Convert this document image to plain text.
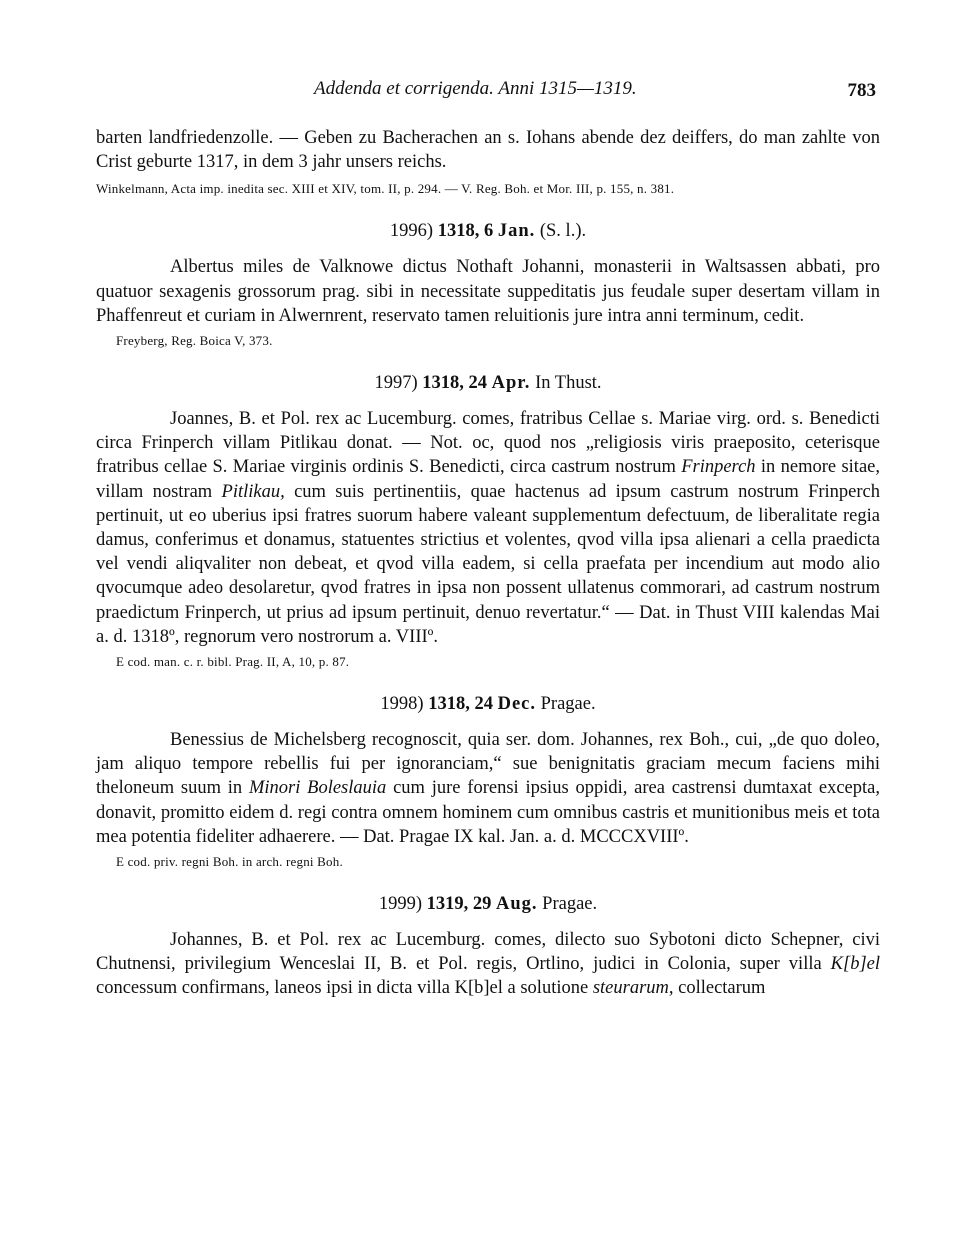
Addenda et corrigenda. Anni 1315—1319.	783

barten landfriedenzolle. — Geben zu Bacherachen an s. Iohans abende dez deiffers, do man zahlte von Crist geburte 1317, in dem 3 jahr unsers reichs.

Winkelmann, Acta imp. inedita sec. XIII et XIV, tom. II, p. 294. — V. Reg. Boh. et Mor. III, p. 155, n. 381.

1996) 1318, 6 Jan. (S. l.).

Albertus miles de Valknowe dictus Nothaft Johanni, monasterii in Waltsassen abbati, pro quatuor sexagenis grossorum prag. sibi in necessitate suppeditatis jus feudale super desertam villam in Phaffenreut et curiam in Alwernrent, reservato tamen reluitionis jure intra anni terminum, cedit.

Freyberg, Reg. Boica V, 373.

1997) 1318, 24 Apr. In Thust.

Joannes, B. et Pol. rex ac Lucemburg. comes, fratribus Cellae s. Mariae virg. ord. s. Benedicti circa Frinperch villam Pitlikau donat. — Not. oc, quod nos „religiosis viris praeposito, ceterisque fratribus cellae S. Mariae virginis ordinis S. Benedicti, circa castrum nostrum Frinperch in nemore sitae, villam nostram Pitlikau, cum suis pertinentiis, quae hactenus ad ipsum castrum nostrum Frinperch pertinuit, ut eo uberius ipsi fratres suorum habere valeant supplementum defectuum, de liberalitate regia damus, conferimus et donamus, statuentes strictius et volentes, qvod villa ipsa alienari a cella praedicta vel vendi aliqvaliter non debeat, et qvod villa eadem, si cella praefata per incendium aut modo alio qvocumque adeo desolaretur, qvod fratres in ipsa non possent ullatenus commorari, ad castrum nostrum praedictum Frinperch, ut prius ad ipsum pertinuit, denuo revertatur.“ — Dat. in Thust VIII kalendas Mai a. d. 1318º, regnorum vero nostrorum a. VIIIº.

E cod. man. c. r. bibl. Prag. II, A, 10, p. 87.

1998) 1318, 24 Dec. Pragae.

Benessius de Michelsberg recognoscit, quia ser. dom. Johannes, rex Boh., cui, „de quo doleo, jam aliquo tempore rebellis fui per ignoranciam,“ sue benignitatis graciam mecum faciens mihi theloneum suum in Minori Boleslauia cum jure forensi ipsius oppidi, area castrensi dumtaxat excepta, donavit, promitto eidem d. regi contra omnem hominem cum omnibus castris et munitionibus meis et tota mea potentia fideliter adhaerere. — Dat. Pragae IX kal. Jan. a. d. MCCCXVIIIº.

E cod. priv. regni Boh. in arch. regni Boh.

1999) 1319, 29 Aug. Pragae.

Johannes, B. et Pol. rex ac Lucemburg. comes, dilecto suo Sybotoni dicto Schepner, civi Chutnensi, privilegium Wenceslai II, B. et Pol. regis, Ortlino, judici in Colonia, super villa K[b]el concessum confirmans, laneos ipsi in dicta villa K[b]el a solutione steurarum, collectarum
